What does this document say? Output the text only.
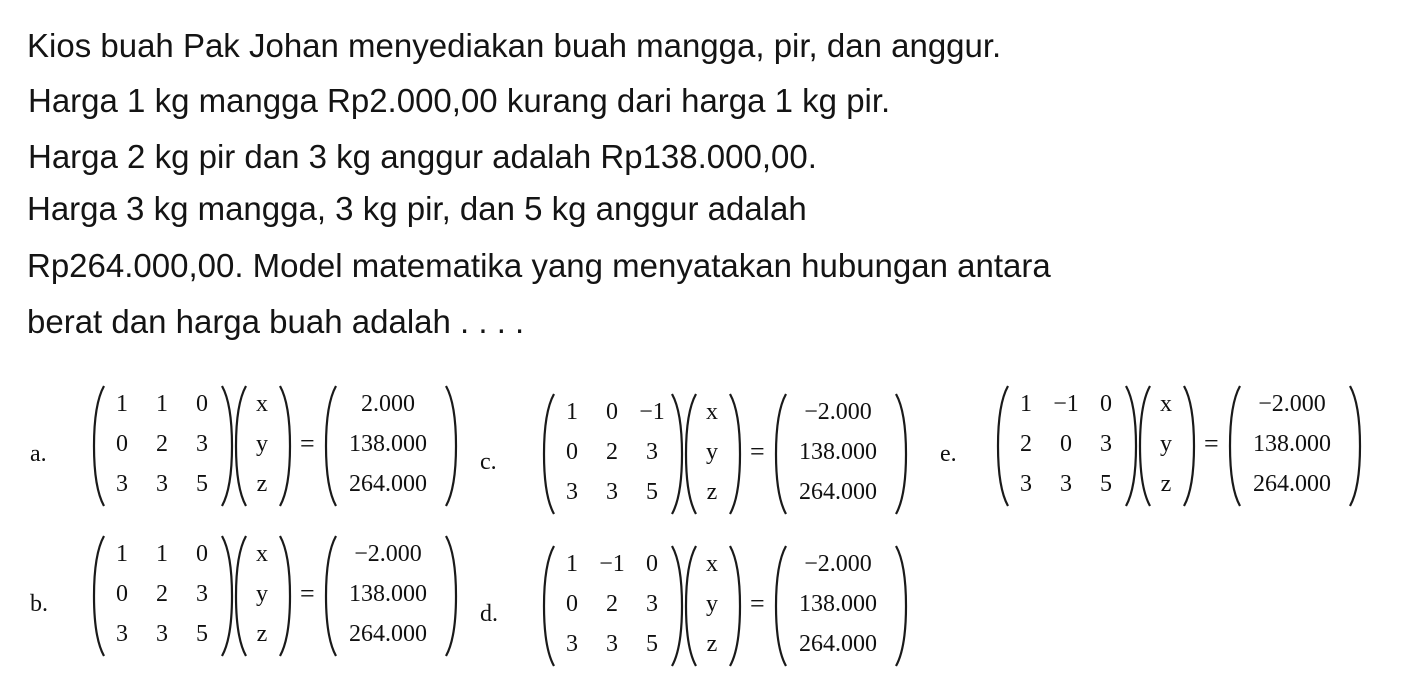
Kios buah Pak Johan menyediakan buah mangga, pir, dan anggur.
Harga 1 kg mangga Rp2.000,00 kurang dari harga 1 kg pir.
Harga 2 kg pir dan 3 kg anggur adalah Rp138.000,00.
Harga 3 kg mangga, 3 kg pir, dan 5 kg anggur adalah
Rp264.000,00. Model matematika yang menyatakan hubungan antara
berat dan harga buah adalah . . . .
a.
1	1	0
0	2	3
3	3	5
x
y
z
=
2.000
138.000
264.000
b.
1	1	0
0	2	3
3	3	5
x
y
z
=
−2.000
138.000
264.000
c.
1	0 −1
0	2	3
3	3	5
x
y
z
=
−2.000
138.000
264.000
d.
1 −1 0
0	2	3
3	3	5
x
y
z
=
−2.000
138.000
264.000
e.
1 −1 0
2	0	3
3	3	5
x
y
z
=
−2.000
138.000
264.000
